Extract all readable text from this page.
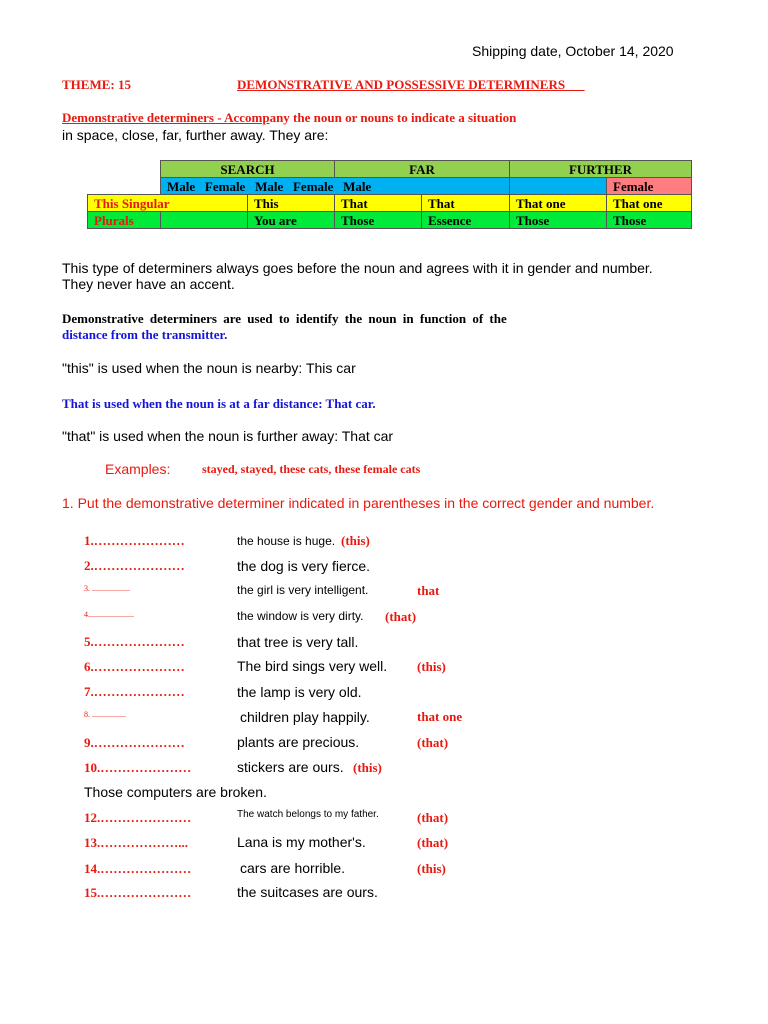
Shipping date, October 14, 2020
THEME: 15	DEMONSTRATIVE AND POSSESSIVE DETERMINERS
Demonstrative determiners - Accompany the noun or nouns to indicate a situation
in space, close, far, further away. They are:
	SEARCH		FAR		FURTHER	
	Male Female Male Female Male					Female
This Singular		This	That	That	That one	That one
Plurals		You are	Those	Essence	Those	Those
This type of determiners always goes before the noun and agrees with it in gender and number.
They never have an accent.
Demonstrative determiners are used to identify the noun in function of the
distance from the transmitter.
"this" is used when the noun is nearby: This car
That is used when the noun is at a far distance: That car.
"that" is used when the noun is further away: That car
Examples:	stayed, stayed, these cats, these female cats
1. Put the demonstrative determiner indicated in parentheses in the correct gender and number.
1.…………………	the house is huge. (this)
2.…………………	the dog is very fierce.
3. ...................	the girl is very intelligent.	that
4.......................	the window is very dirty. (that)
5.…………………	that tree is very tall.
6.…………………	The bird sings very well. (this)
7.…………………	the lamp is very old.
8. .................	children play happily.	that one
9.…………………	plants are precious.	(that)
10.…………………	stickers are ours. (this)
Those computers are broken.
12.…………………	The watch belongs to my father.	(that)
13.………………...	Lana is my mother's.	(that)
14.…………………	cars are horrible.	(this)
15.…………………	the suitcases are ours.
